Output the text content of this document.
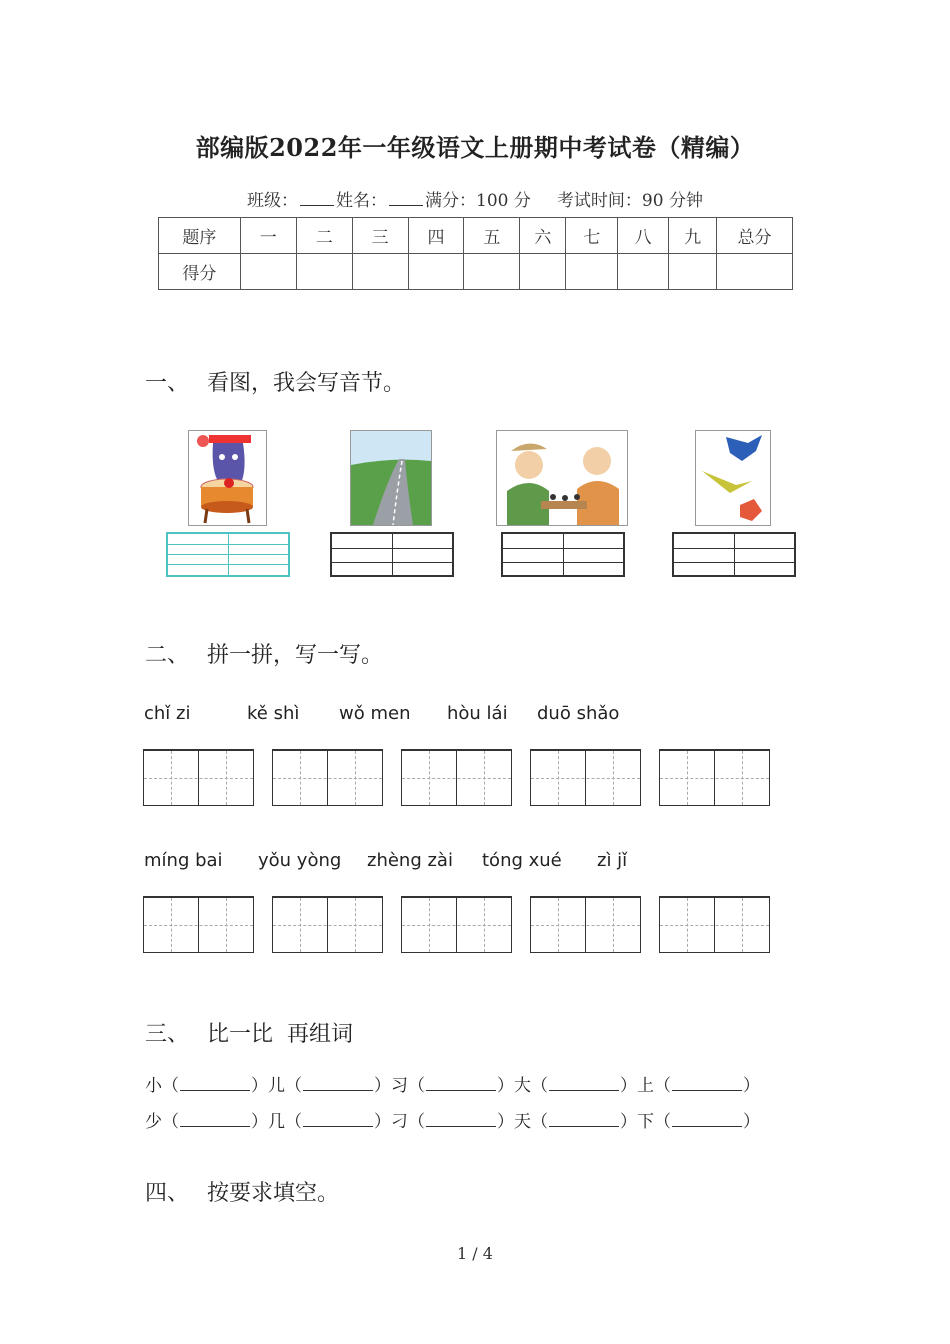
部编版2022年一年级语文上册期中考试卷（精编）
班级： 姓名： 满分：100 分 考试时间：90 分钟
题序	一	二	三	四	五	六	七	八	九	总分
得分										
一、 看图，我会写音节。
二、 拼一拼，写一写。
chǐ zi	kě shì wǒ men hòu lái duō shǎo
míng bai yǒu yòng zhèng zài tóng xué zì jǐ
三、 比一比  再组词
小（	）儿（	）习（	）大（	）上（	）
少（	）几（	）刁（	）天（	）下（	）
四、 按要求填空。
1 / 4
